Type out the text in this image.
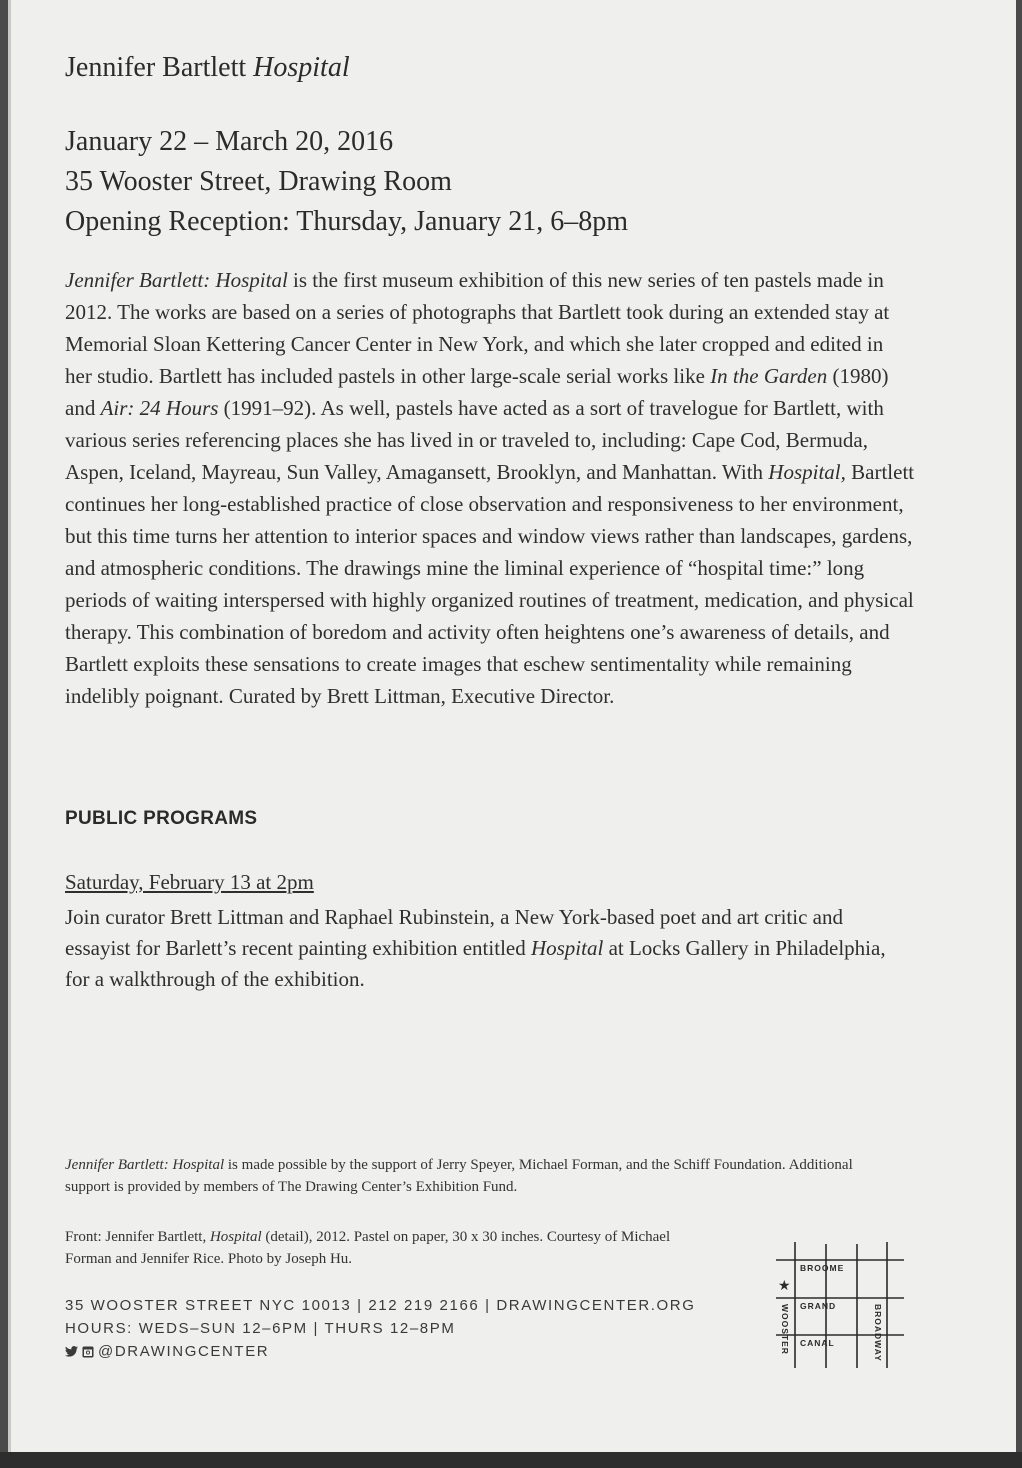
Jennifer Bartlett Hospital
January 22 – March 20, 2016
35 Wooster Street, Drawing Room
Opening Reception: Thursday, January 21, 6–8pm

Jennifer Bartlett: Hospital is the first museum exhibition of this new series of ten pastels made in 2012. The works are based on a series of photographs that Bartlett took during an extended stay at Memorial Sloan Kettering Cancer Center in New York, and which she later cropped and edited in her studio. Bartlett has included pastels in other large-scale serial works like In the Garden (1980) and Air: 24 Hours (1991–92). As well, pastels have acted as a sort of travelogue for Bartlett, with various series referencing places she has lived in or traveled to, including: Cape Cod, Bermuda, Aspen, Iceland, Mayreau, Sun Valley, Amagansett, Brooklyn, and Manhattan. With Hospital, Bartlett continues her long-established practice of close observation and responsiveness to her environment, but this time turns her attention to interior spaces and window views rather than landscapes, gardens, and atmospheric conditions. The drawings mine the liminal experience of “hospital time:” long periods of waiting interspersed with highly organized routines of treatment, medication, and physical therapy. This combination of boredom and activity often heightens one’s awareness of details, and Bartlett exploits these sensations to create images that eschew sentimentality while remaining indelibly poignant. Curated by Brett Littman, Executive Director.

PUBLIC PROGRAMS
Saturday, February 13 at 2pm

Join curator Brett Littman and Raphael Rubinstein, a New York-based poet and art critic and essayist for Barlett’s recent painting exhibition entitled Hospital at Locks Gallery in Philadelphia, for a walkthrough of the exhibition.

Jennifer Bartlett: Hospital is made possible by the support of Jerry Speyer, Michael Forman, and the Schiff Foundation. Additional support is provided by members of The Drawing Center’s Exhibition Fund.

Front: Jennifer Bartlett, Hospital (detail), 2012. Pastel on paper, 30 x 30 inches. Courtesy of Michael Forman and Jennifer Rice. Photo by Joseph Hu.

35 WOOSTER STREET NYC 10013 | 212 219 2166 | DRAWINGCENTER.ORG
HOURS: WEDS–SUN 12–6PM | THURS 12–8PM
@DRAWINGCENTER
BROOME
GRAND
CANAL
WOOSTER	BROADWAY
★
